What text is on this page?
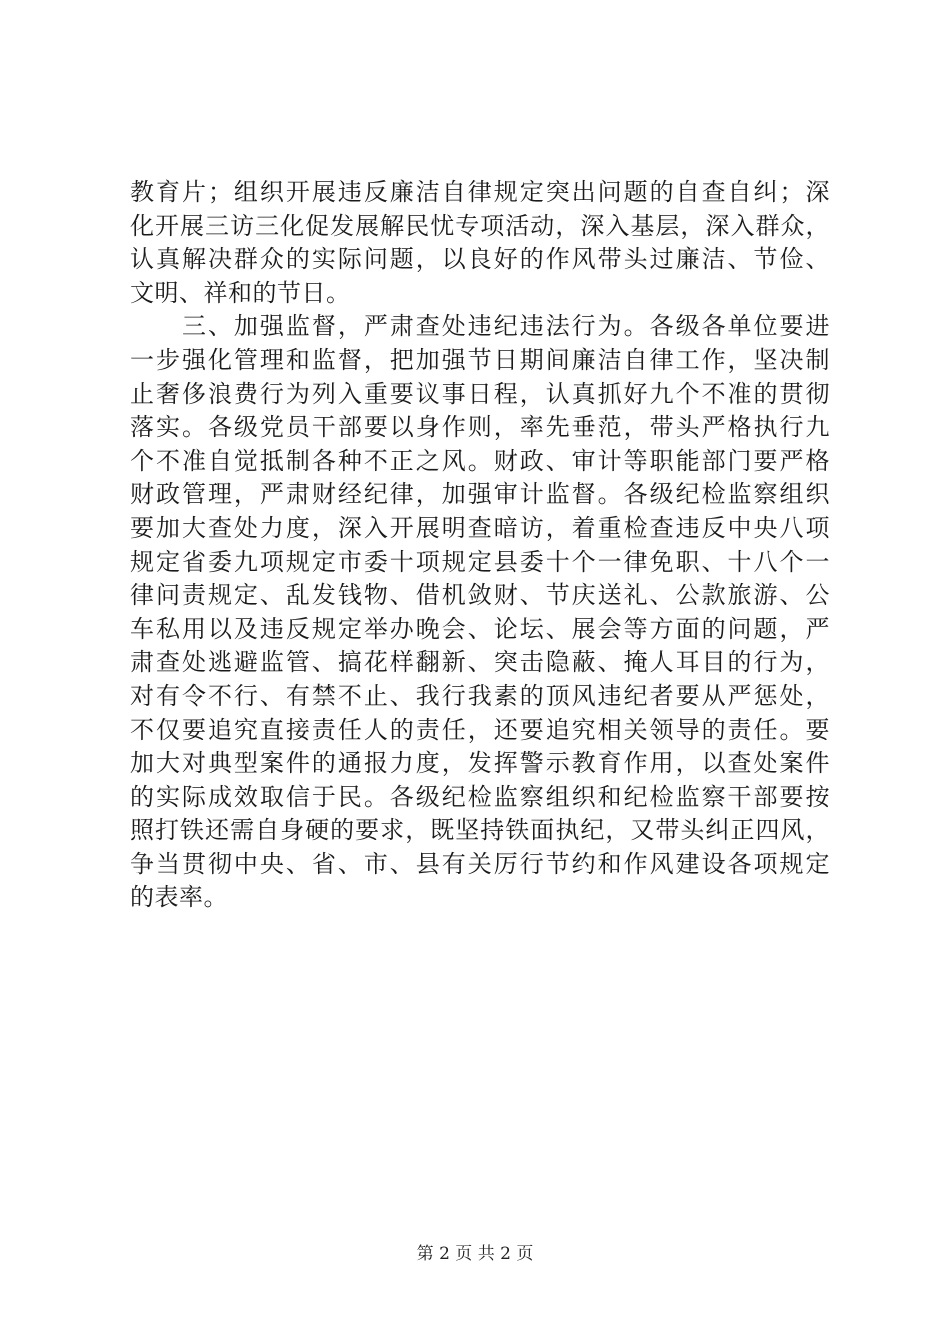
教育片；组织开展违反廉洁自律规定突出问题的自查自纠；深
化开展三访三化促发展解民忧专项活动，深入基层，深入群众，
认真解决群众的实际问题，以良好的作风带头过廉洁、节俭、
文明、祥和的节日。
　　三、加强监督，严肃查处违纪违法行为。各级各单位要进
一步强化管理和监督，把加强节日期间廉洁自律工作，坚决制
止奢侈浪费行为列入重要议事日程，认真抓好九个不准的贯彻
落实。各级党员干部要以身作则，率先垂范，带头严格执行九
个不准自觉抵制各种不正之风。财政、审计等职能部门要严格
财政管理，严肃财经纪律，加强审计监督。各级纪检监察组织
要加大查处力度，深入开展明查暗访，着重检查违反中央八项
规定省委九项规定市委十项规定县委十个一律免职、十八个一
律问责规定、乱发钱物、借机敛财、节庆送礼、公款旅游、公
车私用以及违反规定举办晚会、论坛、展会等方面的问题，严
肃查处逃避监管、搞花样翻新、突击隐蔽、掩人耳目的行为，
对有令不行、有禁不止、我行我素的顶风违纪者要从严惩处，
不仅要追究直接责任人的责任，还要追究相关领导的责任。要
加大对典型案件的通报力度，发挥警示教育作用，以查处案件
的实际成效取信于民。各级纪检监察组织和纪检监察干部要按
照打铁还需自身硬的要求，既坚持铁面执纪，又带头纠正四风，
争当贯彻中央、省、市、县有关厉行节约和作风建设各项规定
的表率。
第 2 页 共 2 页
